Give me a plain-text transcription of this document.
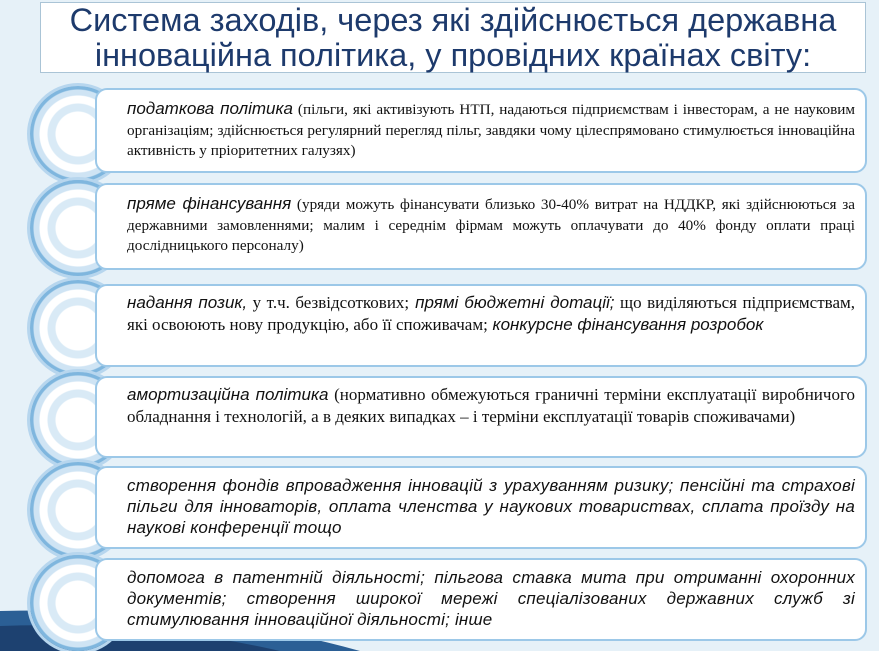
Система заходів, через які здійснюється державна інноваційна політика, у провідних країнах світу:

податкова політика (пільги, які активізують НТП, надаються підприємствам і інвесторам, а не науковим організаціям; здійснюється регулярний перегляд пільг, завдяки чому цілеспрямовано стимулюється інноваційна активність у пріоритетних галузях)
пряме фінансування (уряди можуть фінансувати близько 30-40% витрат на НДДКР, які здійснюються за державними замовленнями; малим і середнім фірмам можуть оплачувати до 40% фонду оплати праці дослідницького персоналу)
надання позик, у т.ч. безвідсоткових; прямі бюджетні дотації; що виділяються підприємствам, які освоюють нову продукцію, або її споживачам; конкурсне фінансування розробок
амортизаційна політика (нормативно обмежуються граничні терміни експлуатації виробничого обладнання і технологій, а в деяких випадках – і терміни експлуатації товарів споживачами)
створення фондів впровадження інновацій з урахуванням ризику; пенсійні та страхові пільги для інноваторів, оплата членства у наукових товариствах, сплата проїзду на наукові конференції тощо
допомога в патентній діяльності; пільгова ставка мита при отриманні охоронних документів; створення широкої мережі спеціалізованих державних служб зі стимулювання інноваційної діяльності; інше
